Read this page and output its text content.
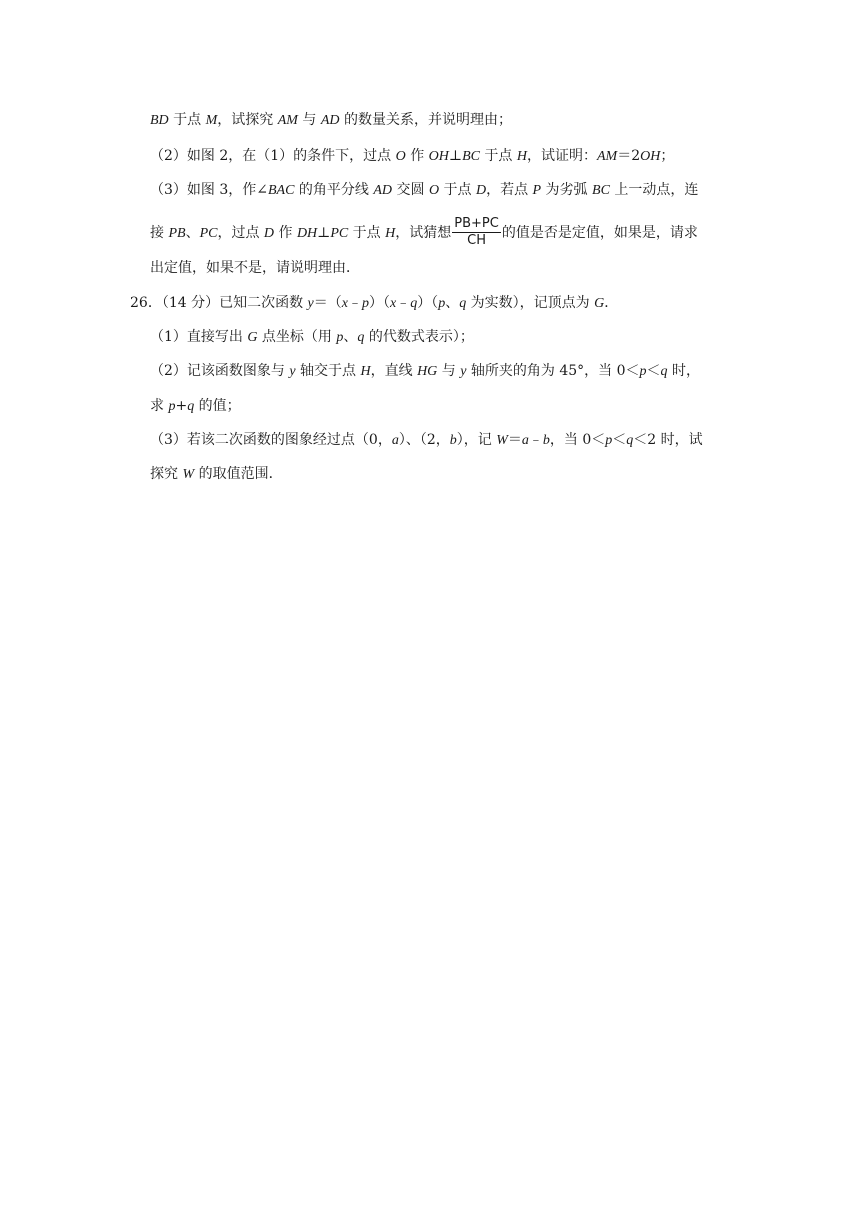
BD 于点 M，试探究 AM 与 AD 的数量关系，并说明理由；
（2）如图 2，在（1）的条件下，过点 O 作 OH⊥BC 于点 H，试证明：AM＝2OH；
（3）如图 3，作∠BAC 的角平分线 AD 交圆 O 于点 D，若点 P 为劣弧 BC 上一动点，连
接 PB、PC，过点 D 作 DH⊥PC 于点 H，试猜想 $\frac{PB+PC}{CH}$ 的值是否是定值，如果是，请求
出定值，如果不是，请说明理由．
26．（14 分）已知二次函数 y＝（x﹣p）（x﹣q）（p、q 为实数），记顶点为 G．
（1）直接写出 G 点坐标（用 p、q 的代数式表示）；
（2）记该函数图象与 y 轴交于点 H，直线 HG 与 y 轴所夹的角为 45°，当 0＜p＜q 时，
求 p+q 的值；
（3）若该二次函数的图象经过点（0，a）、（2，b），记 W＝a﹣b，当 0＜p＜q＜2 时，试
探究 W 的取值范围．
